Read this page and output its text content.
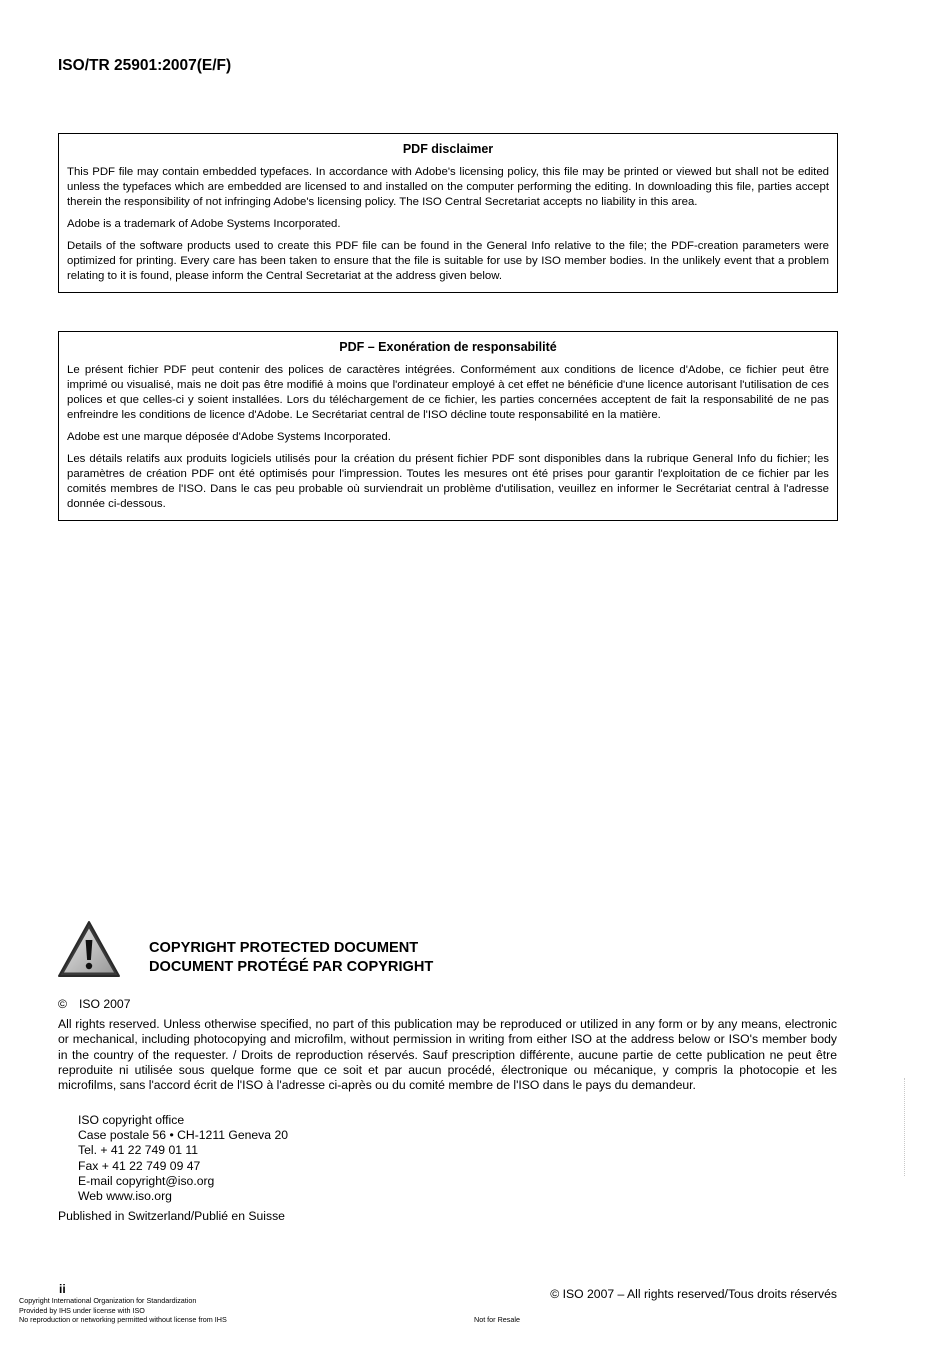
ISO/TR 25901:2007(E/F)
PDF disclaimer

This PDF file may contain embedded typefaces. In accordance with Adobe's licensing policy, this file may be printed or viewed but shall not be edited unless the typefaces which are embedded are licensed to and installed on the computer performing the editing. In downloading this file, parties accept therein the responsibility of not infringing Adobe's licensing policy. The ISO Central Secretariat accepts no liability in this area.

Adobe is a trademark of Adobe Systems Incorporated.

Details of the software products used to create this PDF file can be found in the General Info relative to the file; the PDF-creation parameters were optimized for printing. Every care has been taken to ensure that the file is suitable for use by ISO member bodies. In the unlikely event that a problem relating to it is found, please inform the Central Secretariat at the address given below.

PDF – Exonération de responsabilité

Le présent fichier PDF peut contenir des polices de caractères intégrées. Conformément aux conditions de licence d'Adobe, ce fichier peut être imprimé ou visualisé, mais ne doit pas être modifié à moins que l'ordinateur employé à cet effet ne bénéficie d'une licence autorisant l'utilisation de ces polices et que celles-ci y soient installées. Lors du téléchargement de ce fichier, les parties concernées acceptent de fait la responsabilité de ne pas enfreindre les conditions de licence d'Adobe. Le Secrétariat central de l'ISO décline toute responsabilité en la matière.

Adobe est une marque déposée d'Adobe Systems Incorporated.

Les détails relatifs aux produits logiciels utilisés pour la création du présent fichier PDF sont disponibles dans la rubrique General Info du fichier; les paramètres de création PDF ont été optimisés pour l'impression. Toutes les mesures ont été prises pour garantir l'exploitation de ce fichier par les comités membres de l'ISO. Dans le cas peu probable où surviendrait un problème d'utilisation, veuillez en informer le Secrétariat central à l'adresse donnée ci-dessous.

COPYRIGHT PROTECTED DOCUMENT
DOCUMENT PROTÉGÉ PAR COPYRIGHT
© ISO 2007

All rights reserved. Unless otherwise specified, no part of this publication may be reproduced or utilized in any form or by any means, electronic or mechanical, including photocopying and microfilm, without permission in writing from either ISO at the address below or ISO's member body in the country of the requester. / Droits de reproduction réservés. Sauf prescription différente, aucune partie de cette publication ne peut être reproduite ni utilisée sous quelque forme que ce soit et par aucun procédé, électronique ou mécanique, y compris la photocopie et les microfilms, sans l'accord écrit de l'ISO à l'adresse ci-après ou du comité membre de l'ISO dans le pays du demandeur.

ISO copyright office
Case postale 56 • CH-1211 Geneva 20
Tel. + 41 22 749 01 11
Fax + 41 22 749 09 47
E-mail copyright@iso.org
Web www.iso.org
Published in Switzerland/Publié en Suisse
ii	© ISO 2007 – All rights reserved/Tous droits réservés
Copyright International Organization for Standardization
Provided by IHS under license with ISO
No reproduction or networking permitted without license from IHS	Not for Resale
